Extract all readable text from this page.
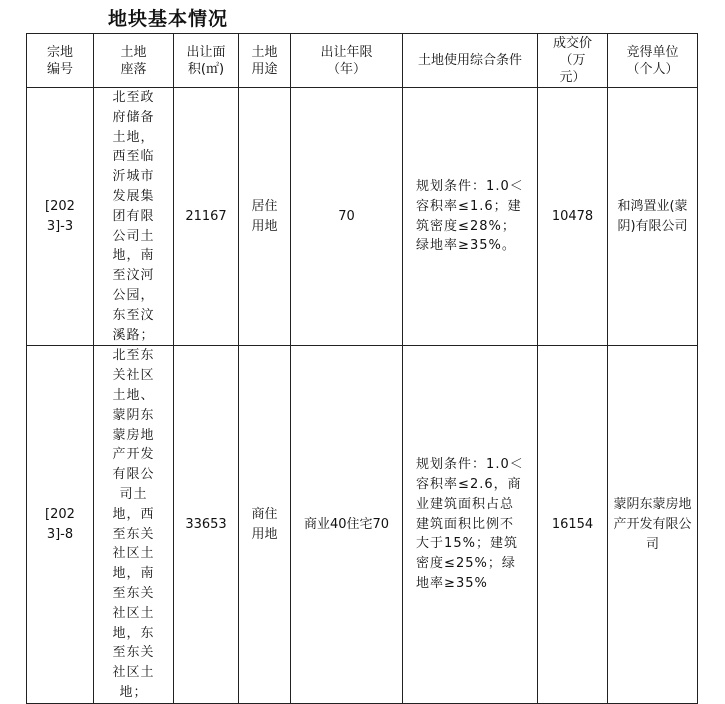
地块基本情况
宗地编号	土地座落	出让面积(㎡)	土地用途	出让年限（年）	土地使用综合条件	成交价（万元）	竞得单位（个人）

[2023]-3	北至政府储备土地，西至临沂城市发展集团有限公司土地，南至汶河公园，东至汶溪路；	21167	居住用地	70	规划条件：1.0＜容积率≤1.6；建筑密度≤28%；绿地率≥35%。	10478	和鸿置业(蒙阴)有限公司

[2023]-8	北至东关社区土地、蒙阴东蒙房地产开发有限公司土地，西至东关社区土地，南至东关社区土地，东至东关社区土地；	33653	商住用地	商业40住宅70	规划条件：1.0＜容积率≤2.6，商业建筑面积占总建筑面积比例不大于15%；建筑密度≤25%；绿地率≥35%	16154	蒙阴东蒙房地产开发有限公司
